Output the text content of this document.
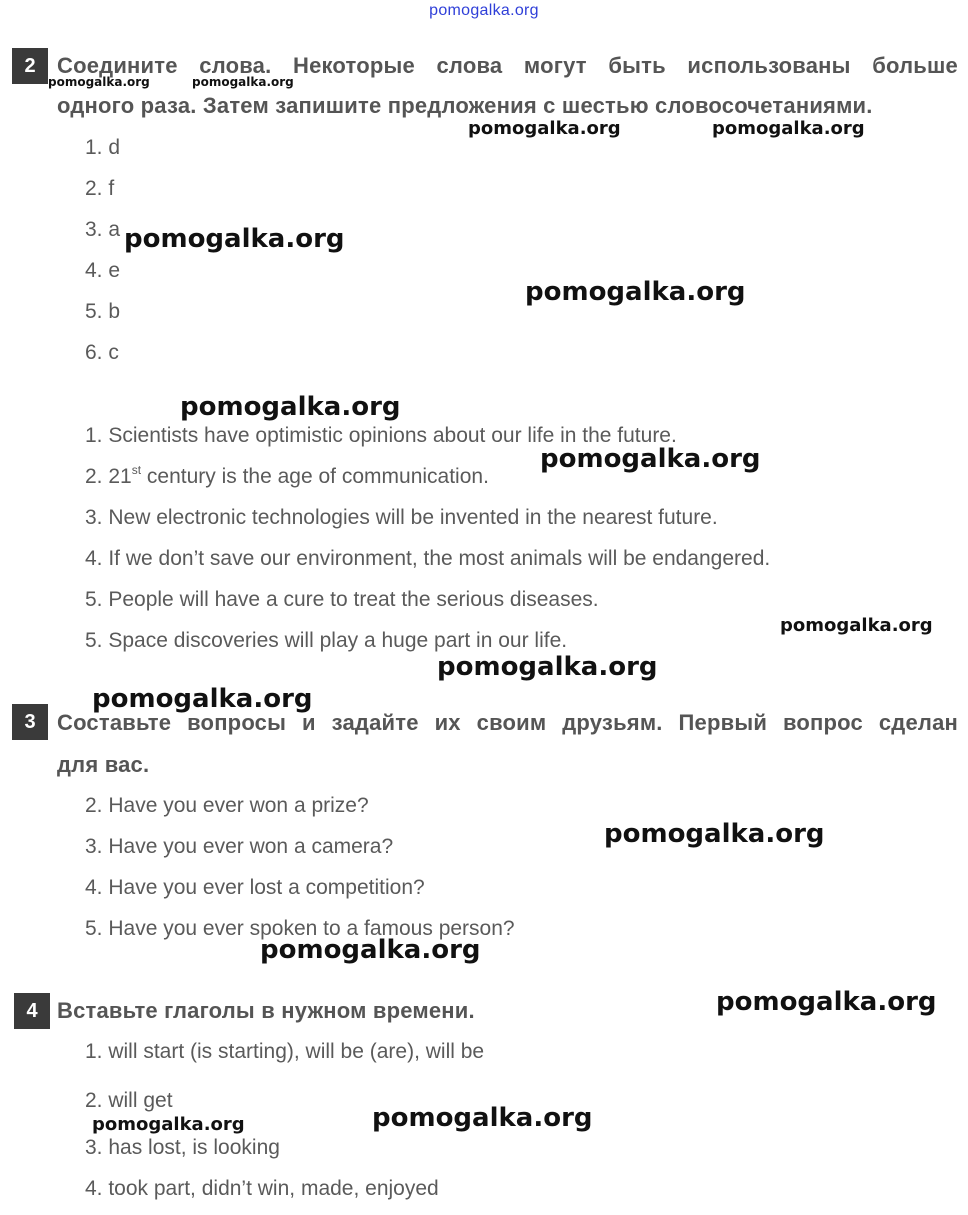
pomogalka.org
2 Соедините слова. Некоторые слова могут быть использованы больше
одного раза. Затем запишите предложения с шестью словосочетаниями.
1. d
2. f
3. a
4. e
5. b
6. c
1. Scientists have optimistic opinions about our life in the future.
2. 21st century is the age of communication.
3. New electronic technologies will be invented in the nearest future.
4. If we don’t save our environment, the most animals will be endangered.
5. People will have a cure to treat the serious diseases.
5. Space discoveries will play a huge part in our life.
3 Составьте вопросы и задайте их своим друзьям. Первый вопрос сделан
для вас.
2. Have you ever won a prize?
3. Have you ever won a camera?
4. Have you ever lost a competition?
5. Have you ever spoken to a famous person?
4 Вставьте глаголы в нужном времени.
1. will start (is starting), will be (are), will be
2. will get
3. has lost, is looking
4. took part, didn’t win, made, enjoyed
pomogalka.org	pomogalka.org
pomogalka.org	pomogalka.org
pomogalka.org
pomogalka.org
pomogalka.org
pomogalka.org
pomogalka.org
pomogalka.org
pomogalka.org
pomogalka.org
pomogalka.org
pomogalka.org
pomogalka.org	pomogalka.org
